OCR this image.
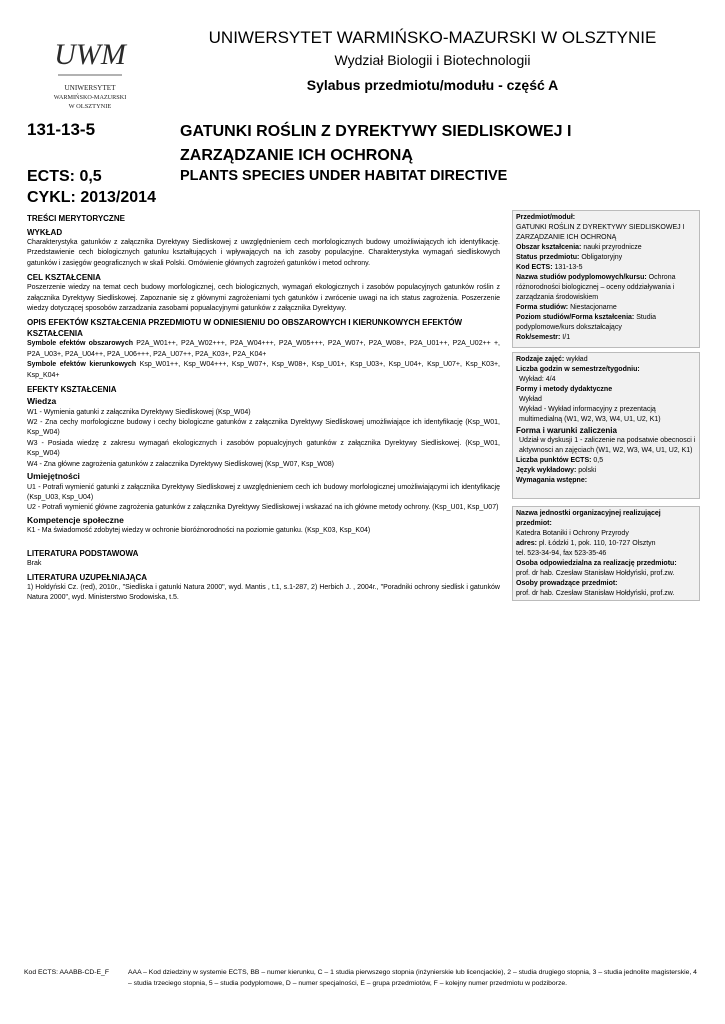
UWM
UNIWERSYTET
WARMIŃSKO-MAZURSKI
W OLSZTYNIE
UNIWERSYTET WARMIŃSKO-MAZURSKI W OLSZTYNIE
Wydział Biologii i Biotechnologii
Sylabus przedmiotu/modułu - część A
131-13-5	GATUNKI ROŚLIN Z DYREKTYWY SIEDLISKOWEJ I
ZARZĄDZANIE ICH OCHRONĄ
ECTS: 0,5	PLANTS SPECIES UNDER HABITAT DIRECTIVE
CYKL: 2013/2014
TREŚCI MERYTORYCZNE
WYKŁAD
Charakterystyka gatunków z załącznika Dyrektywy Siedliskowej z uwzględnieniem cech morfologicznych budowy umożliwiających ich identyfikację. Przedstawienie cech biologicznych gatunku kształtujących i wpływających na ich zasoby populacyjne. Charakterystyka wymagań siedliskowych gatunków i zasięgów geograficznych w skali Polski. Omówienie głównych zagrożeń gatunków i metod ochrony.
CEL KSZTAŁCENIA
Poszerzenie wiedzy na temat cech budowy morfologicznej, cech biologicznych, wymagań ekologicznych i zasobów populacyjnych gatunków roślin z załącznika Dyrektywy Siedliskowej. Zapoznanie się z głównymi zagrożeniami tych gatunków i zwrócenie uwagi na ich status zagrożenia. Poszerzenie wiedzy dotyczącej sposobów zarzadzania zasobami popualacyjnymi gatunków z załącznika Dyrektywy.
OPIS EFEKTÓW KSZTAŁCENIA PRZEDMIOTU W ODNIESIENIU DO OBSZAROWYCH I KIERUNKOWYCH EFEKTÓW KSZTAŁCENIA
Symbole efektów obszarowych P2A_W01++, P2A_W02+++, P2A_W04+++, P2A_W05+++, P2A_W07+, P2A_W08+, P2A_U01++, P2A_U02++ +, P2A_U03+, P2A_U04++, P2A_U06+++, P2A_U07++, P2A_K03+, P2A_K04+
Symbole efektów kierunkowych Ksp_W01++, Ksp_W04+++, Ksp_W07+, Ksp_W08+, Ksp_U01+, Ksp_U03+, Ksp_U04+, Ksp_U07+, Ksp_K03+, Ksp_K04+
EFEKTY KSZTAŁCENIA
Wiedza
W1 - Wymienia gatunki z załącznika Dyrektywy Siedliskowej (Ksp_W04)
W2 - Zna cechy morfologiczne budowy i cechy biologiczne gatunków z załącznika Dyrektywy Siedliskowej umożliwiające ich identyfikację (Ksp_W01, Ksp_W04)
W3 - Posiada wiedzę z zakresu wymagań ekologicznych i zasobów popualcyjnych gatunków z załącznika Dyrektywy Siedliskowej. (Ksp_W01, Ksp_W04)
W4 - Zna główne zagrożenia gatunków z załacznika Dyrektywy Siedliskowej (Ksp_W07, Ksp_W08)
Umiejętności
U1 - Potrafi wymienić gatunki z załącznika Dyrektywy Siedliskowej z uwzględnieniem cech ich budowy morfologicznej umożliwiającymi ich identyfikację (Ksp_U03, Ksp_U04)
U2 - Potrafi wymienić główne zagrożenia gatunków z załącznika Dyrektywy Siedliskowej i wskazać na ich główne metody ochrony. (Ksp_U01, Ksp_U07)
Kompetencje społeczne
K1 - Ma świadomość zdobytej wiedzy w ochronie bioróżnorodności na poziomie gatunku. (Ksp_K03, Ksp_K04)
LITERATURA PODSTAWOWA
Brak
LITERATURA UZUPEŁNIAJĄCA
1) Hołdyński Cz. (red), 2010r., "Siedliska i gatunki Natura 2000", wyd. Mantis , t.1, s.1-287, 2) Herbich J. , 2004r., "Poradniki ochrony siedlisk i gatunków Natura 2000", wyd. Ministerstwo Srodowiska, t.5.
Przedmiot/moduł:
GATUNKI ROŚLIN Z DYREKTYWY SIEDLISKOWEJ I ZARZĄDZANIE ICH OCHRONĄ
Obszar kształcenia: nauki przyrodnicze
Status przedmiotu: Obligatoryjny
Kod ECTS: 131-13-5
Nazwa studiów podyplomowych/kursu: Ochrona różnorodności biologicznej – oceny oddziaływania i zarządzania środowiskiem
Forma studiów: Niestacjonarne
Poziom studiów/Forma kształcenia: Studia podyplomowe/kurs dokształcający
Rok/semestr: I/1
Rodzaje zajęć: wykład
Liczba godzin w semestrze/tygodniu:
Wykład: 4/4
Formy i metody dydaktyczne
Wykład
Wykład - Wykład informacyjny z prezentacją multimedialną (W1, W2, W3, W4, U1, U2, K1)
Forma i warunki zaliczenia
Udział w dyskusji 1 - zaliczenie na podsatwie obecnosci i aktywnosci an zajęciach (W1, W2, W3, W4, U1, U2, K1)
Liczba punktów ECTS: 0,5
Język wykładowy: polski
Wymagania wstępne:
Nazwa jednostki organizacyjnej realizującej przedmiot:
Katedra Botaniki i Ochrony Przyrody
adres: pl. Łódzki 1, pok. 110, 10-727 Olsztyn
tel. 523-34-94, fax 523-35-46
Osoba odpowiedzialna za realizację przedmiotu:
prof. dr hab. Czesław Stanisław Hołdyński, prof.zw.
Osoby prowadzące przedmiot:
prof. dr hab. Czesław Stanisław Hołdyński, prof.zw.
Kod ECTS: AAABB-CD-E_F	AAA – Kod dziedziny w systemie ECTS, BB – numer kierunku, C – 1 studia pierwszego stopnia (inżynierskie lub licencjackie), 2 – studia drugiego stopnia, 3 – studia jednolite magisterskie, 4 – studia trzeciego stopnia, 5 – studia podyplomowe, D – numer specjalności, E – grupa przedmiotów, F – kolejny numer przedmiotu w podziborze.
